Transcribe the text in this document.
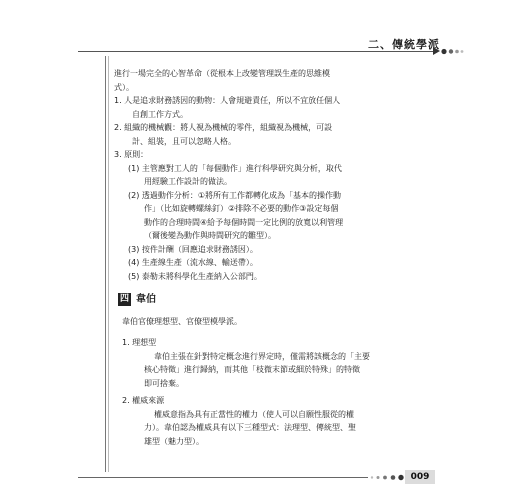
二、傳統學派

進行一場完全的心智革命（從根本上改變管理誤生產的思維模

式）。

1. 人是追求財務誘因的動物：人會規避責任，所以不宜放任個人

自創工作方式。

2. 組織的機械觀：將人視為機械的零件，組織視為機械，可設

計、組裝，且可以忽略人格。

3. 原則：

(1) 主管應對工人的「每個動作」進行科學研究與分析，取代

用經驗工作設計的做法。

(2) 透過動作分析：①將所有工作都轉化成為「基本的操作動

作」（比如旋轉螺絲釘）②排除不必要的動作③設定每個

動作的合理時間④給予每個時間一定比例的放寬以利管理

（爾後變為動作與時間研究的雛型）。

(3) 按件計酬（回應追求財務誘因）。

(4) 生產線生產（流水線、輸送帶）。

(5) 泰勒未將科學化生產納入公部門。

四 韋伯

韋伯官僚理想型、官僚型模學派。

1. 理想型

韋伯主張在針對特定概念進行界定時，僅需將該概念的「主要

核心特徵」進行歸納，而其他「枝微末節或細於特殊」的特徵

即可捨棄。

2. 權威來源

權威意指為具有正當性的權力（使人可以自願性服從的權

力）。韋伯認為權威具有以下三種型式：法理型、傳統型、聖

雄型（魅力型）。

009
